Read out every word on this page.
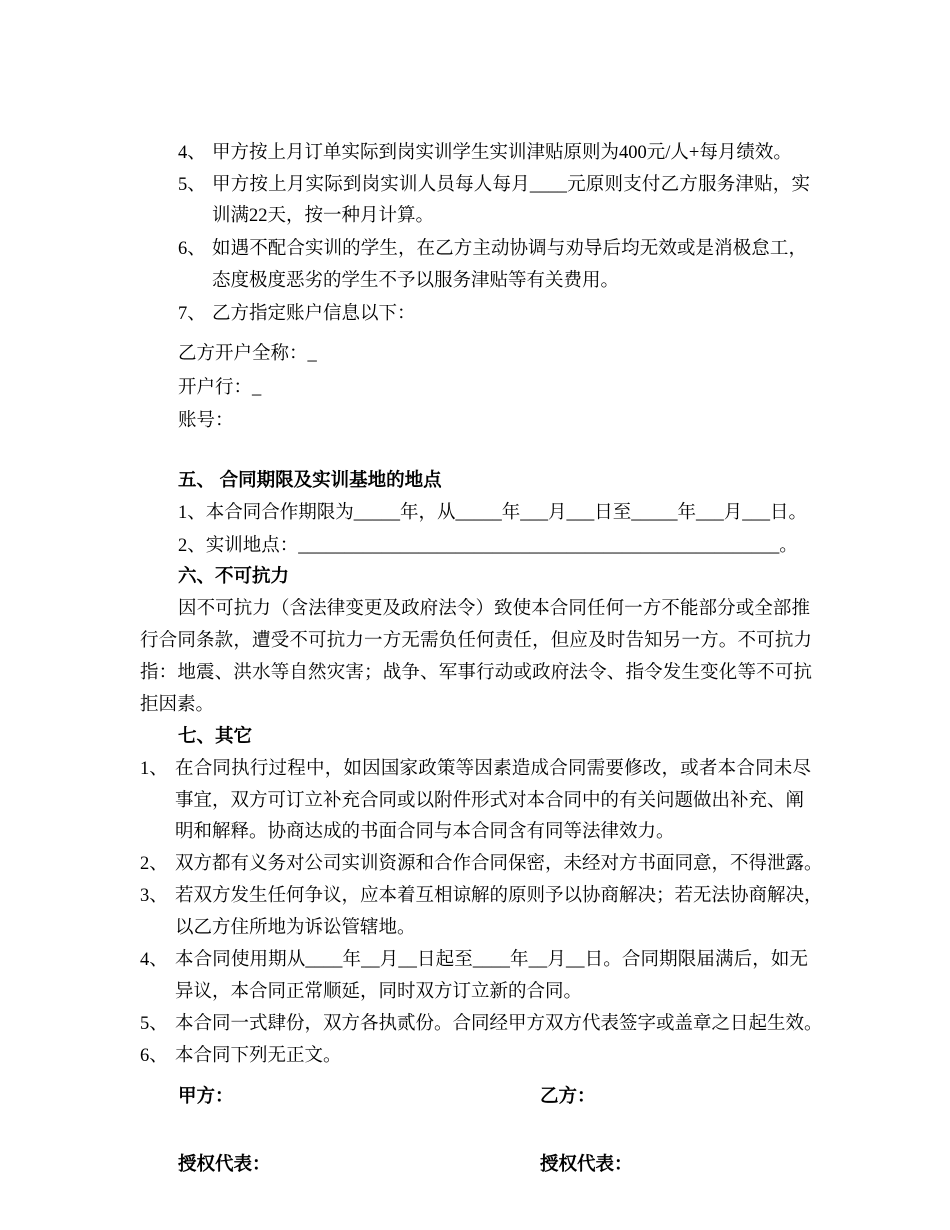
4、 甲方按上月订单实际到岗实训学生实训津贴原则为400元/人+每月绩效。
5、 甲方按上月实际到岗实训人员每人每月____元原则支付乙方服务津贴，实
训满22天，按一种月计算。
6、 如遇不配合实训的学生，在乙方主动协调与劝导后均无效或是消极怠工，
态度极度恶劣的学生不予以服务津贴等有关费用。
7、 乙方指定账户信息以下：
乙方开户全称：_
开户行：_
账号：
五、 合同期限及实训基地的地点
1、本合同合作期限为_____年，从_____年___月___日至_____年___月___日。
2、实训地点：____________________________________________________。
六、不可抗力
因不可抗力（含法律变更及政府法令）致使本合同任何一方不能部分或全部推
行合同条款，遭受不可抗力一方无需负任何责任，但应及时告知另一方。不可抗力
指：地震、洪水等自然灾害；战争、军事行动或政府法令、指令发生变化等不可抗
拒因素。
七、其它
1、 在合同执行过程中，如因国家政策等因素造成合同需要修改，或者本合同未尽
事宜，双方可订立补充合同或以附件形式对本合同中的有关问题做出补充、阐
明和解释。协商达成的书面合同与本合同含有同等法律效力。
2、 双方都有义务对公司实训资源和合作合同保密，未经对方书面同意，不得泄露。
3、 若双方发生任何争议，应本着互相谅解的原则予以协商解决；若无法协商解决，
以乙方住所地为诉讼管辖地。
4、 本合同使用期从____年__月__日起至____年__月__日。合同期限届满后，如无
异议，本合同正常顺延，同时双方订立新的合同。
5、 本合同一式肆份，双方各执贰份。合同经甲方双方代表签字或盖章之日起生效。
6、 本合同下列无正文。
甲方：	乙方：
授权代表：	授权代表：
